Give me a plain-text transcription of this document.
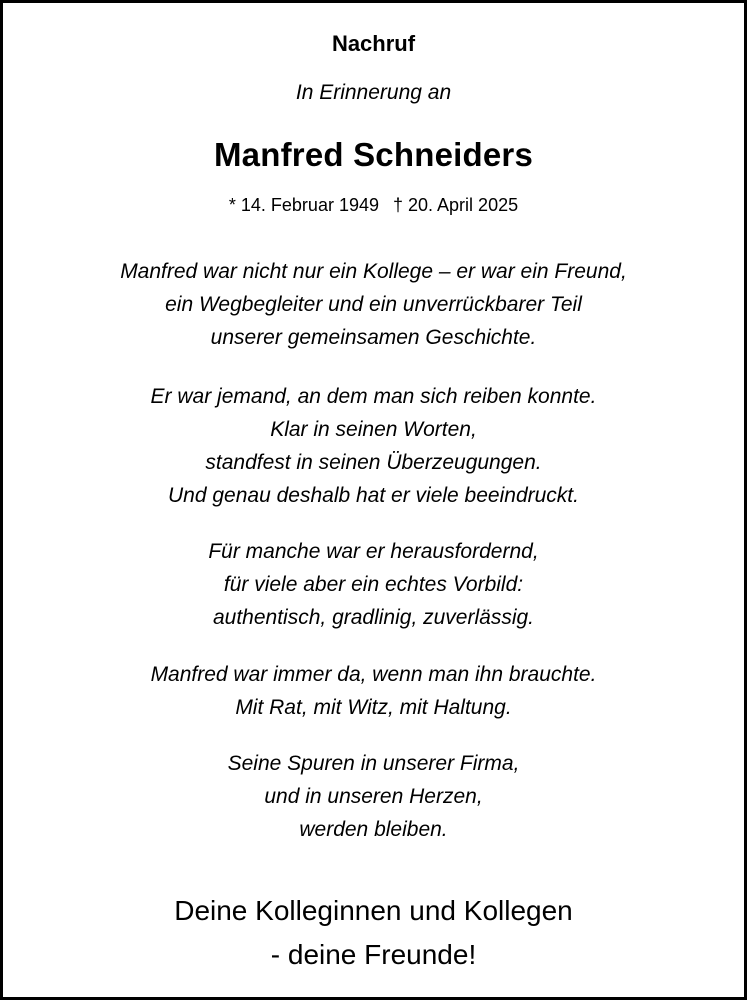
Nachruf
In Erinnerung an
Manfred Schneiders
* 14. Februar 1949 † 20. April 2025
Manfred war nicht nur ein Kollege – er war ein Freund,
ein Wegbegleiter und ein unverrückbarer Teil
unserer gemeinsamen Geschichte.
Er war jemand, an dem man sich reiben konnte.
Klar in seinen Worten,
standfest in seinen Überzeugungen.
Und genau deshalb hat er viele beeindruckt.
Für manche war er herausfordernd,
für viele aber ein echtes Vorbild:
authentisch, gradlinig, zuverlässig.
Manfred war immer da, wenn man ihn brauchte.
Mit Rat, mit Witz, mit Haltung.
Seine Spuren in unserer Firma,
und in unseren Herzen,
werden bleiben.
Deine Kolleginnen und Kollegen
- deine Freunde!
